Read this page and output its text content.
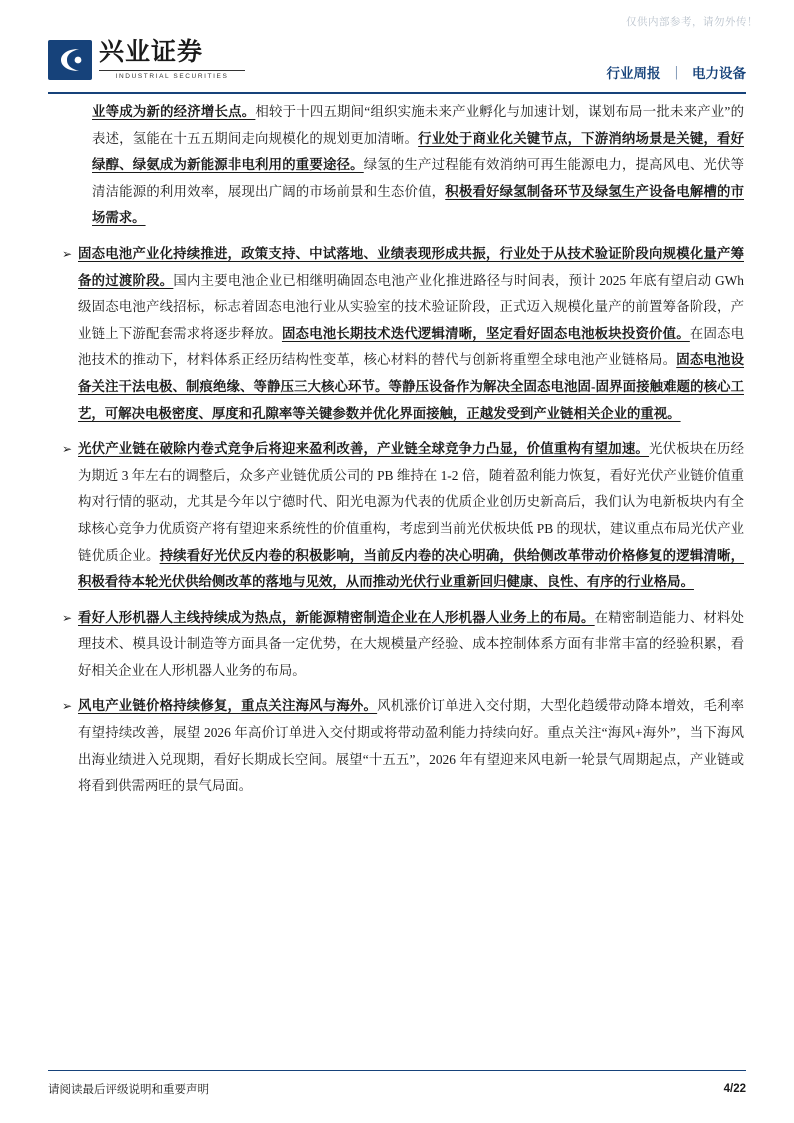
仅供内部参考，请勿外传！
兴业证券
INDUSTRIAL SECURITIES	行业周报 ｜ 电力设备
业等成为新的经济增长点。相较于十四五期间“组织实施未来产业孵化与加速计划，谋划布局一批未来产业”的表述，氢能在十五五期间走向规模化的规划更加清晰。行业处于商业化关键节点，下游消纳场景是关键，看好绿醇、绿氨成为新能源非电利用的重要途径。绿氢的生产过程能有效消纳可再生能源电力，提高风电、光伏等清洁能源的利用效率，展现出广阔的市场前景和生态价值，积极看好绿氢制备环节及绿氢生产设备电解槽的市场需求。
➢ 固态电池产业化持续推进，政策支持、中试落地、业绩表现形成共振，行业处于从技术验证阶段向规模化量产筹备的过渡阶段。国内主要电池企业已相继明确固态电池产业化推进路径与时间表，预计 2025 年底有望启动 GWh 级固态电池产线招标，标志着固态电池行业从实验室的技术验证阶段，正式迈入规模化量产的前置筹备阶段，产业链上下游配套需求将逐步释放。固态电池长期技术迭代逻辑清晰，坚定看好固态电池板块投资价值。在固态电池技术的推动下，材料体系正经历结构性变革，核心材料的替代与创新将重塑全球电池产业链格局。固态电池设备关注干法电极、制痕绝缘、等静压三大核心环节。等静压设备作为解决全固态电池固-固界面接触难题的核心工艺，可解决电极密度、厚度和孔隙率等关键参数并优化界面接触，正越发受到产业链相关企业的重视。
➢ 光伏产业链在破除内卷式竞争后将迎来盈利改善，产业链全球竞争力凸显，价值重构有望加速。光伏板块在历经为期近 3 年左右的调整后，众多产业链优质公司的 PB 维持在 1-2 倍，随着盈利能力恢复，看好光伏产业链价值重构对行情的驱动，尤其是今年以宁德时代、阳光电源为代表的优质企业创历史新高后，我们认为电新板块内有全球核心竞争力优质资产将有望迎来系统性的价值重构，考虑到当前光伏板块低 PB 的现状，建议重点布局光伏产业链优质企业。持续看好光伏反内卷的积极影响，当前反内卷的决心明确，供给侧改革带动价格修复的逻辑清晰，积极看待本轮光伏供给侧改革的落地与见效，从而推动光伏行业重新回归健康、良性、有序的行业格局。
➢ 看好人形机器人主线持续成为热点，新能源精密制造企业在人形机器人业务上的布局。在精密制造能力、材料处理技术、模具设计制造等方面具备一定优势，在大规模量产经验、成本控制体系方面有非常丰富的经验积累，看好相关企业在人形机器人业务的布局。
➢ 风电产业链价格持续修复，重点关注海风与海外。风机涨价订单进入交付期，大型化趋缓带动降本增效，毛利率有望持续改善，展望 2026 年高价订单进入交付期或将带动盈利能力持续向好。重点关注“海风+海外”，当下海风出海业绩进入兑现期，看好长期成长空间。展望“十五五”，2026 年有望迎来风电新一轮景气周期起点，产业链或将看到供需两旺的景气局面。
请阅读最后评级说明和重要声明	4/22
